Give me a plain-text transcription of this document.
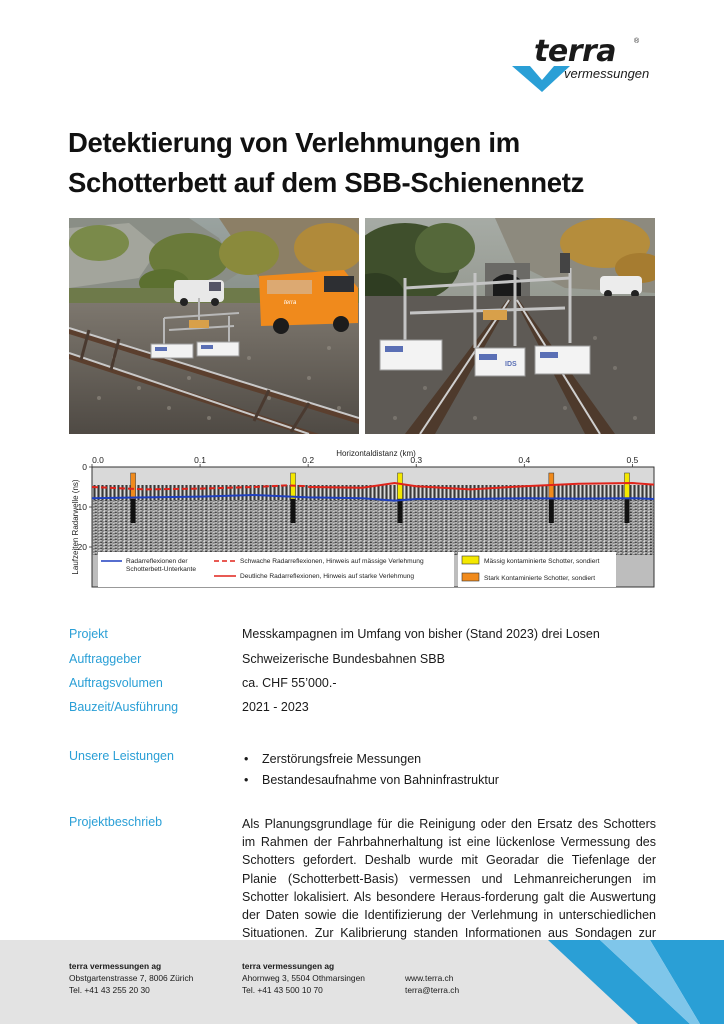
terra	®
vermessungen
Detektierung von Verlehmungen im
Schotterbett auf dem SBB-Schienennetz
terra
IDS
Horizontaldistanz (km)
Laufzeiten Radarwelle (ns)
0.0	0.1	0.2	0.3	0.4	0.5
0
10
20
Radarreflexionen der
Schotterbett-Unterkante
Schwache Radarreflexionen, Hinweis auf mässige Verlehmung
Deutliche Radarreflexionen, Hinweis auf starke Verlehmung
Mässig kontaminierte Schotter, sondiert
Stark Kontaminierte Schotter, sondiert
Projekt	Messkampagnen im Umfang von bisher (Stand 2023) drei Losen
Auftraggeber	Schweizerische Bundesbahnen SBB
Auftragsvolumen	ca. CHF 55’000.-
Bauzeit/Ausführung	2021 - 2023
Unsere Leistungen
•	Zerstörungsfreie Messungen
• Bestandesaufnahme von Bahninfrastruktur
Projektbeschrieb	Als Planungsgrundlage für die Reinigung oder den Ersatz des Schotters im Rahmen der Fahrbahnerhaltung ist eine lückenlose Vermessung des Schotters gefordert. Deshalb wurde mit Georadar die Tiefenlage der Planie (Schotterbett-Basis) vermessen und Lehmanreicherungen im Schotter lokalisiert. Als besondere Heraus-forderung galt die Auswertung der Daten sowie die Identifizierung der Verlehmung in unterschiedlichen Situationen. Zur Kalibrierung standen Informationen aus Sondagen zur
terra vermessungen ag
Obstgartenstrasse 7, 8006 Zürich
Tel. +41 43 255 20 30
terra vermessungen ag
Ahornweg 3, 5504 Othmarsingen
Tel. +41 43 500 10 70
www.terra.ch
terra@terra.ch
